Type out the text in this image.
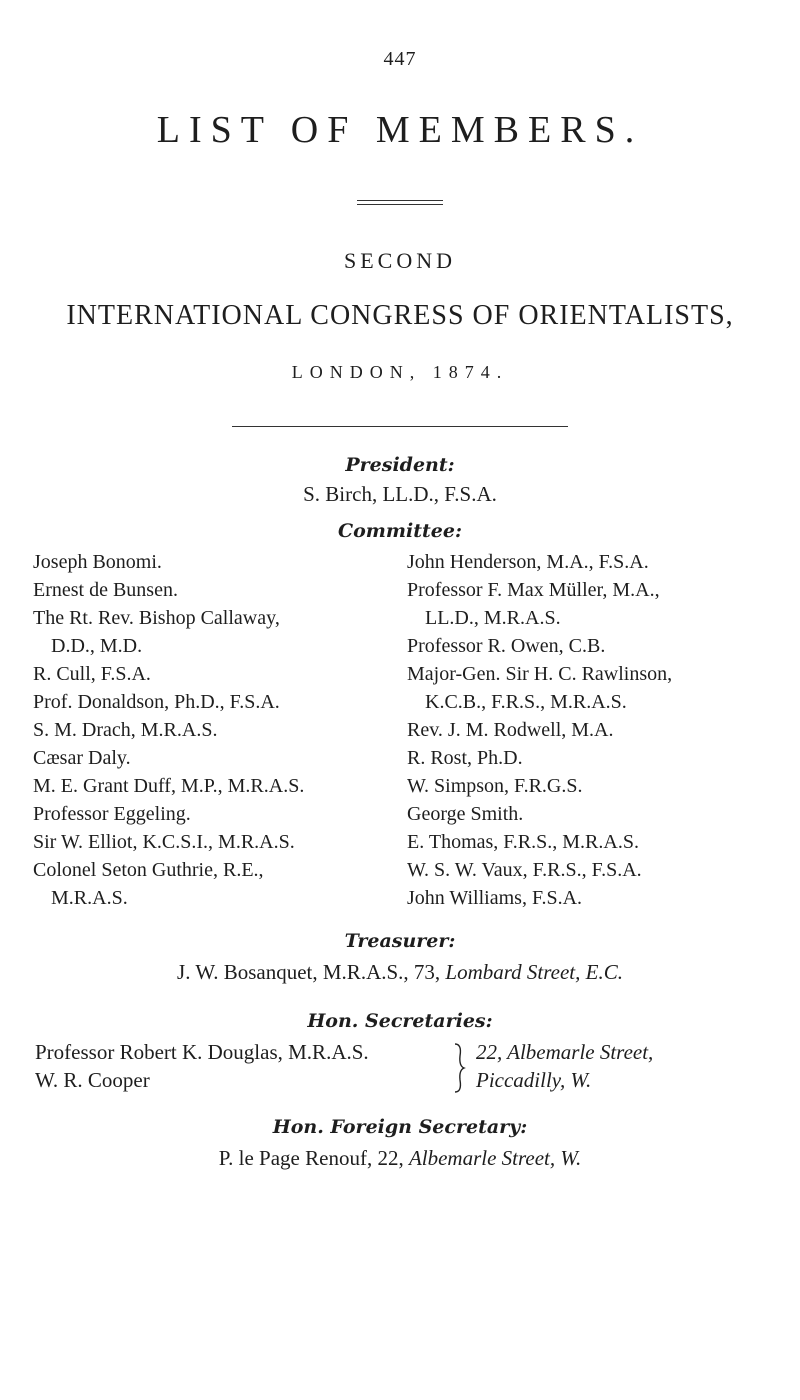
447
LIST OF MEMBERS.
SECOND
INTERNATIONAL CONGRESS OF ORIENTALISTS,
LONDON, 1874.
President:
S. Birch, LL.D., F.S.A.
Committee:
Joseph Bonomi.
Ernest de Bunsen.
The Rt. Rev. Bishop Callaway,
D.D., M.D.
R. Cull, F.S.A.
Prof. Donaldson, Ph.D., F.S.A.
S. M. Drach, M.R.A.S.
Cæsar Daly.
M. E. Grant Duff, M.P., M.R.A.S.
Professor Eggeling.
Sir W. Elliot, K.C.S.I., M.R.A.S.
Colonel Seton Guthrie, R.E.,
M.R.A.S.
John Henderson, M.A., F.S.A.
Professor F. Max Müller, M.A.,
LL.D., M.R.A.S.
Professor R. Owen, C.B.
Major-Gen. Sir H. C. Rawlinson,
K.C.B., F.R.S., M.R.A.S.
Rev. J. M. Rodwell, M.A.
R. Rost, Ph.D.
W. Simpson, F.R.G.S.
George Smith.
E. Thomas, F.R.S., M.R.A.S.
W. S. W. Vaux, F.R.S., F.S.A.
John Williams, F.S.A.
Treasurer:
J. W. Bosanquet, M.R.A.S., 73, Lombard Street, E.C.
Hon. Secretaries:
Professor Robert K. Douglas, M.R.A.S.
W. R. Cooper
22, Albemarle Street,
Piccadilly, W.
Hon. Foreign Secretary:
P. le Page Renouf, 22, Albemarle Street, W.
